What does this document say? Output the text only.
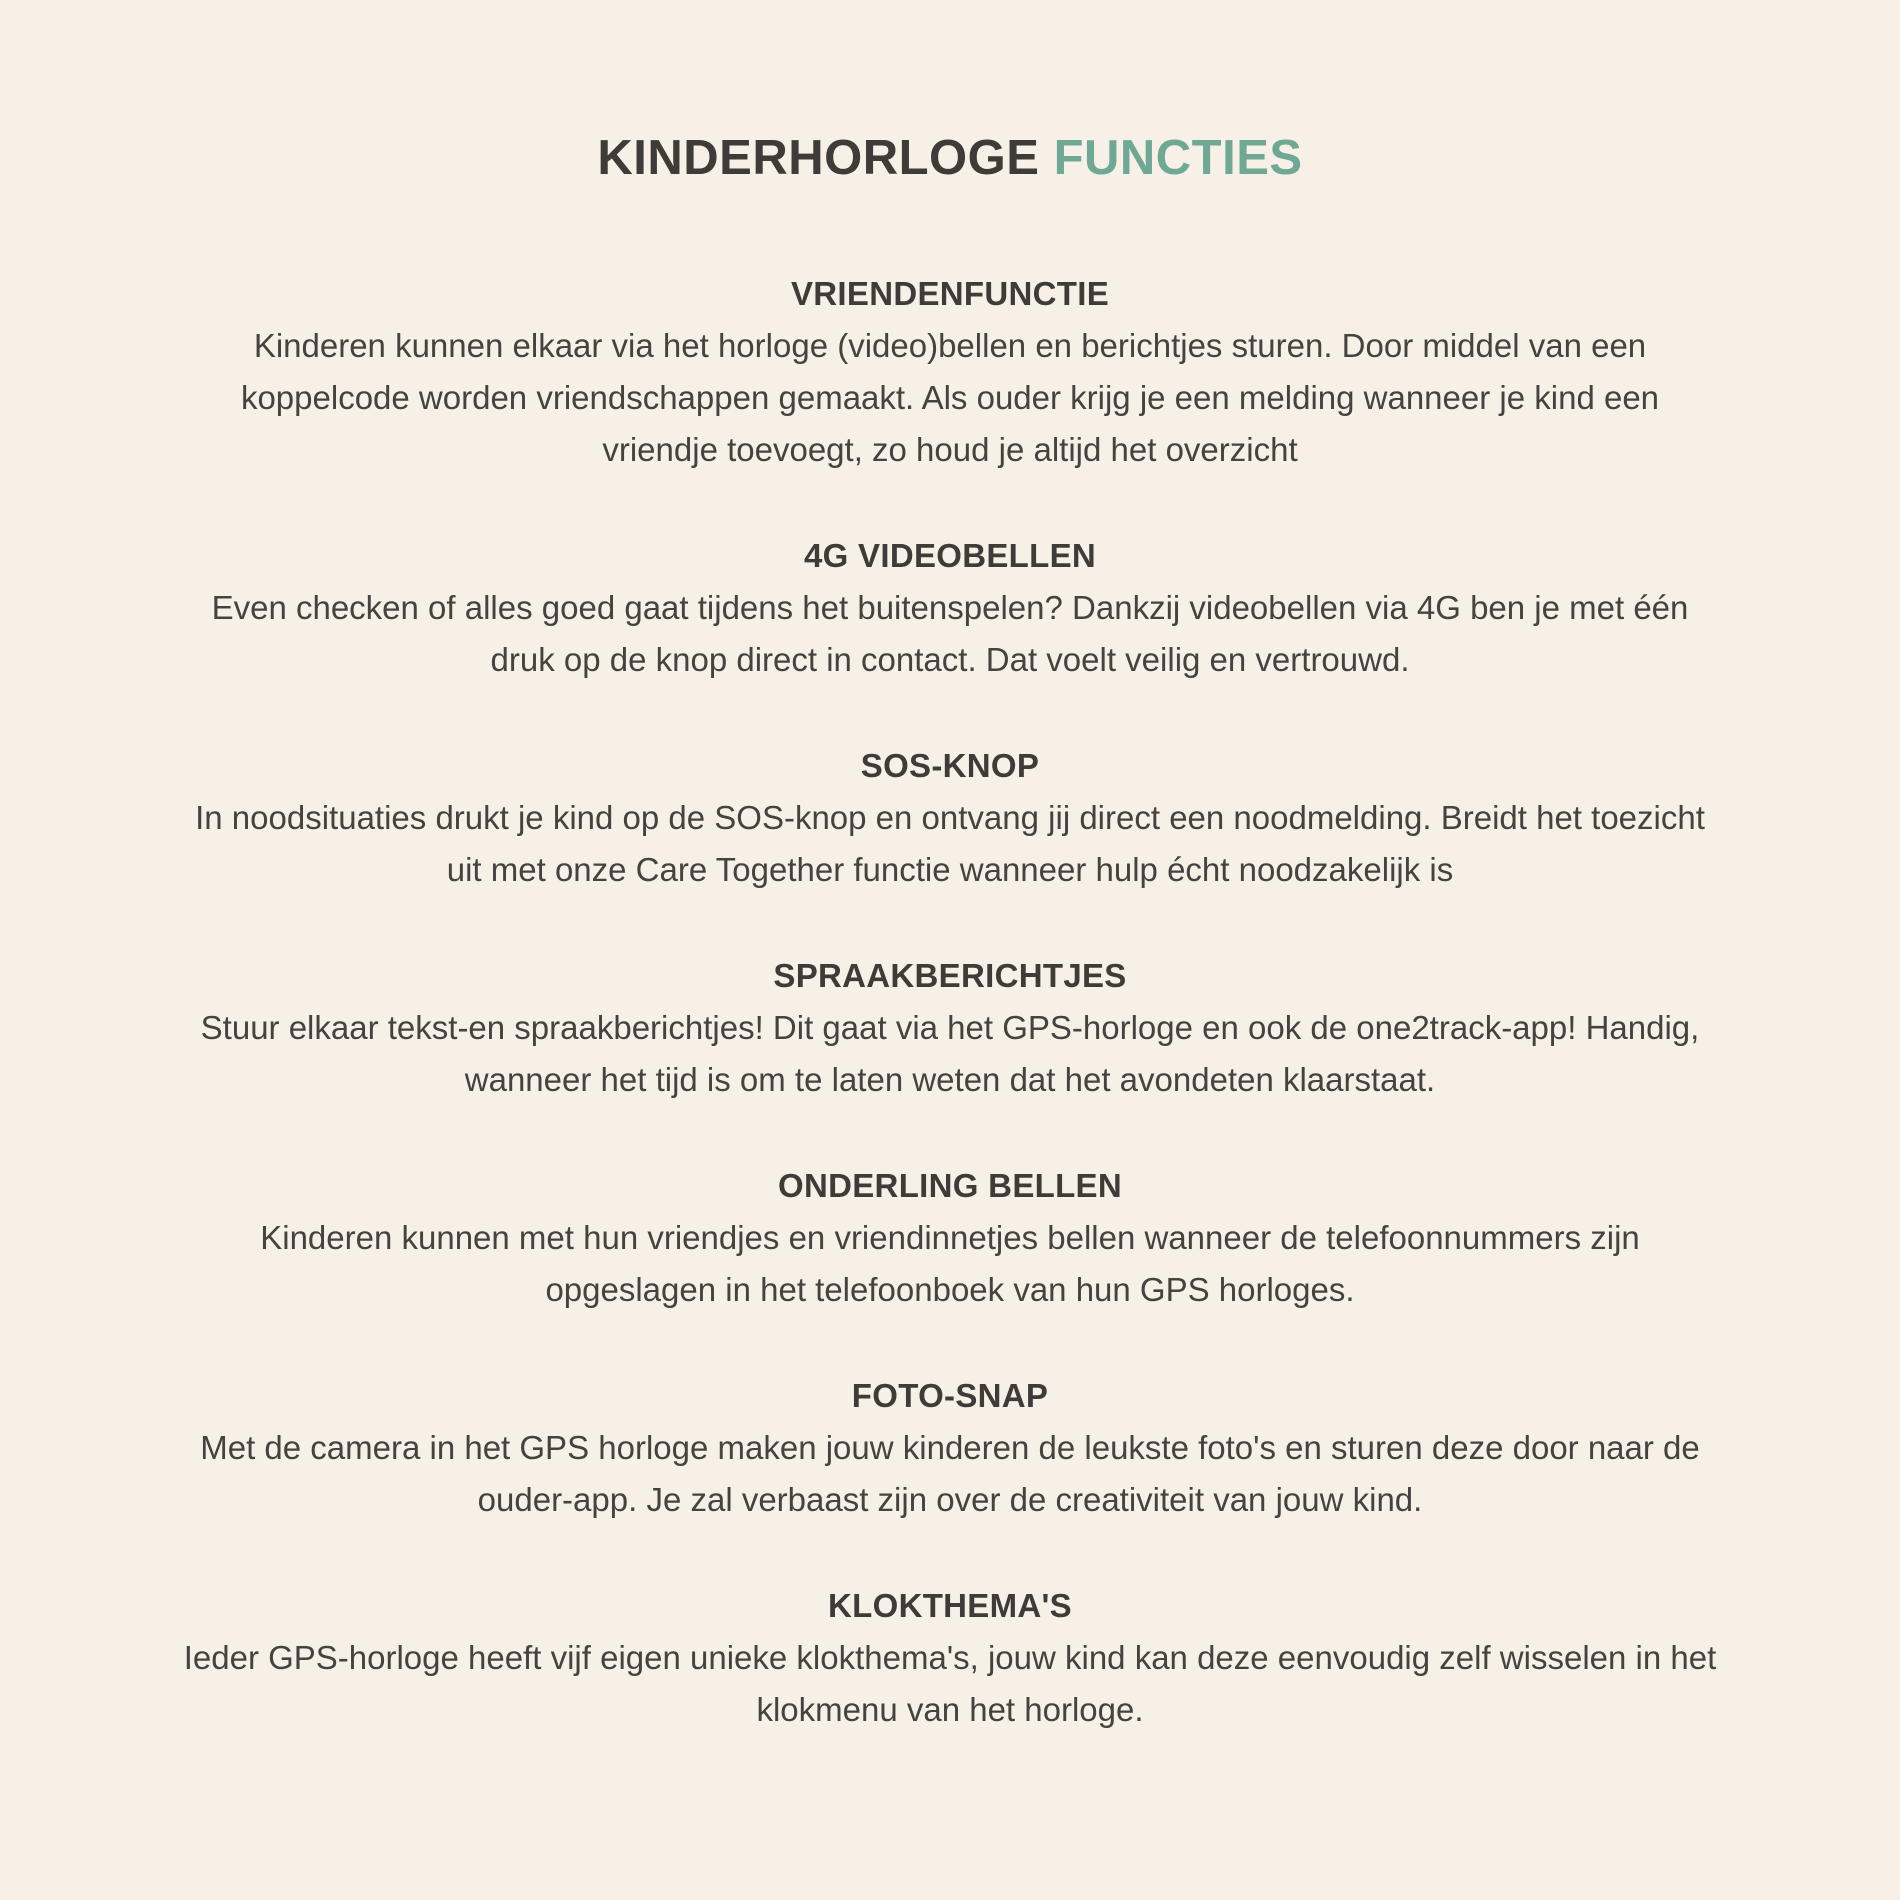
KINDERHORLOGE FUNCTIES
VRIENDENFUNCTIE

Kinderen kunnen elkaar via het horloge (video)bellen en berichtjes sturen. Door middel van een koppelcode worden vriendschappen gemaakt. Als ouder krijg je een melding wanneer je kind een vriendje toevoegt, zo houd je altijd het overzicht

4G VIDEOBELLEN

Even checken of alles goed gaat tijdens het buitenspelen? Dankzij videobellen via 4G ben je met één druk op de knop direct in contact. Dat voelt veilig en vertrouwd.

SOS-KNOP

In noodsituaties drukt je kind op de SOS-knop en ontvang jij direct een noodmelding. Breidt het toezicht uit met onze Care Together functie wanneer hulp écht noodzakelijk is

SPRAAKBERICHTJES

Stuur elkaar tekst-en spraakberichtjes! Dit gaat via het GPS-horloge en ook de one2track-app! Handig, wanneer het tijd is om te laten weten dat het avondeten klaarstaat.

ONDERLING BELLEN

Kinderen kunnen met hun vriendjes en vriendinnetjes bellen wanneer de telefoonnummers zijn opgeslagen in het telefoonboek van hun GPS horloges.

FOTO-SNAP

Met de camera in het GPS horloge maken jouw kinderen de leukste foto's en sturen deze door naar de ouder-app. Je zal verbaast zijn over de creativiteit van jouw kind.

KLOKTHEMA'S

Ieder GPS-horloge heeft vijf eigen unieke klokthema's, jouw kind kan deze eenvoudig zelf wisselen in het klokmenu van het horloge.
